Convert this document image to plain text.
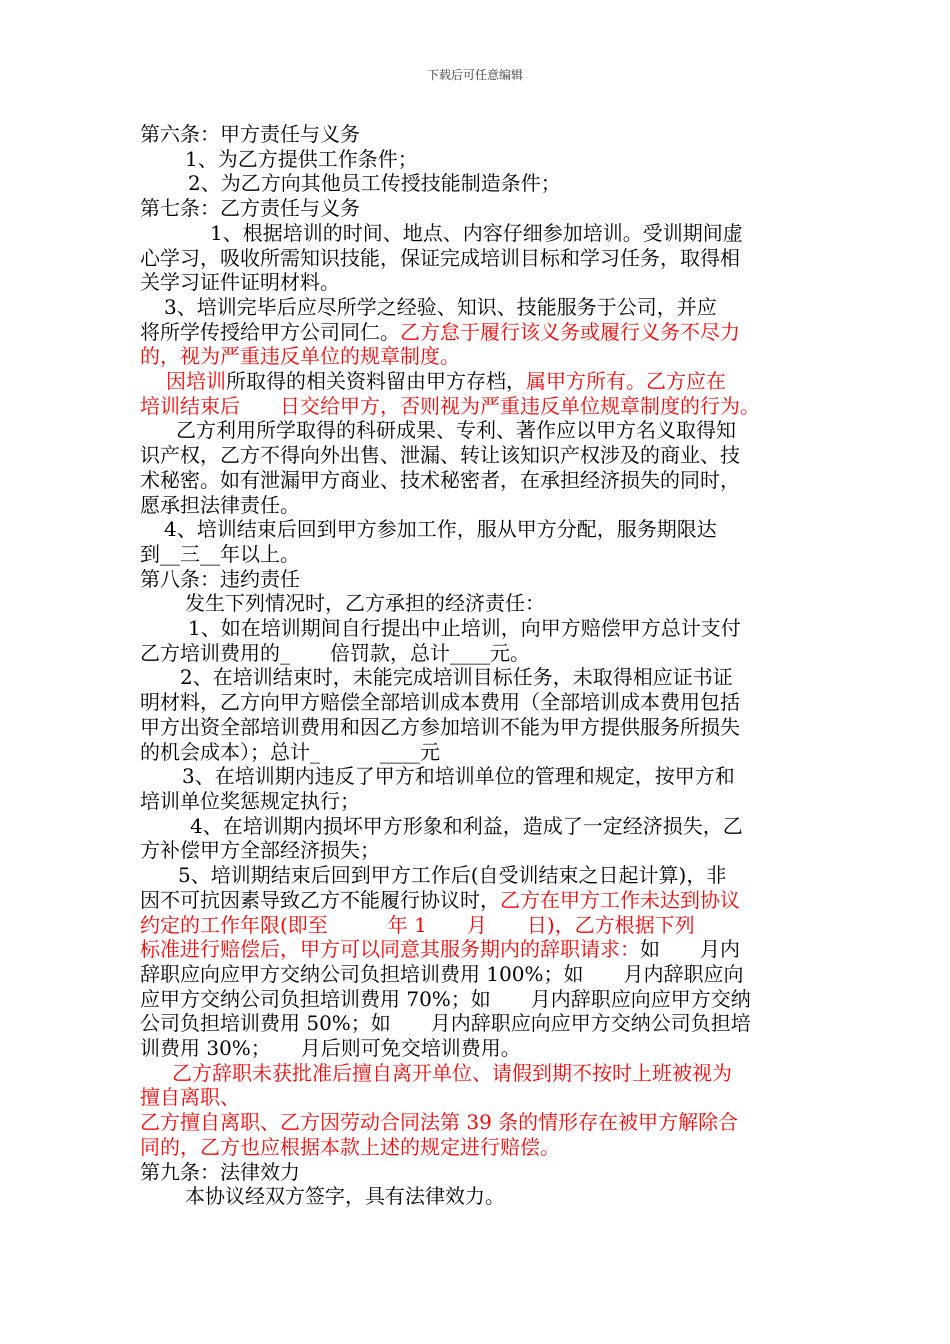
下载后可任意编辑

第六条：甲方责任与义务

1、为乙方提供工作条件；

2、为乙方向其他员工传授技能制造条件；

第七条：乙方责任与义务

1、根据培训的时间、地点、内容仔细参加培训。受训期间虚

心学习，吸收所需知识技能，保证完成培训目标和学习任务，取得相

关学习证件证明材料。

3、培训完毕后应尽所学之经验、知识、技能服务于公司，并应

将所学传授给甲方公司同仁。乙方怠于履行该义务或履行义务不尽力

的，视为严重违反单位的规章制度。

因培训所取得的相关资料留由甲方存档，属甲方所有。乙方应在

培训结束后　　日交给甲方，否则视为严重违反单位规章制度的行为。

乙方利用所学取得的科研成果、专利、著作应以甲方名义取得知

识产权，乙方不得向外出售、泄漏、转让该知识产权涉及的商业、技

术秘密。如有泄漏甲方商业、技术秘密者，在承担经济损失的同时，

愿承担法律责任。

4、培训结束后回到甲方参加工作，服从甲方分配，服务期限达

到__三__年以上。

第八条：违约责任

发生下列情况时，乙方承担的经济责任：

1、如在培训期间自行提出中止培训，向甲方赔偿甲方总计支付

乙方培训费用的_　　倍罚款，总计____元。

2、在培训结束时，未能完成培训目标任务，未取得相应证书证

明材料，乙方向甲方赔偿全部培训成本费用（全部培训成本费用包括

甲方出资全部培训费用和因乙方参加培训不能为甲方提供服务所损失

的机会成本）；总计_　　　____元

3、在培训期内违反了甲方和培训单位的管理和规定，按甲方和

培训单位奖惩规定执行；

4、在培训期内损坏甲方形象和利益，造成了一定经济损失，乙

方补偿甲方全部经济损失；

5、培训期结束后回到甲方工作后(自受训结束之日起计算)，非

因不可抗因素导致乙方不能履行协议时，乙方在甲方工作未达到协议

约定的工作年限(即至　　　年 1　　月　　日)，乙方根据下列

标准进行赔偿后，甲方可以同意其服务期内的辞职请求：如　　月内

辞职应向应甲方交纳公司负担培训费用 100%；如　　月内辞职应向

应甲方交纳公司负担培训费用 70%；如　　月内辞职应向应甲方交纳

公司负担培训费用 50%；如　　月内辞职应向应甲方交纳公司负担培

训费用 30%；　　月后则可免交培训费用。

乙方辞职未获批准后擅自离开单位、请假到期不按时上班被视为

擅自离职、

乙方擅自离职、乙方因劳动合同法第 39 条的情形存在被甲方解除合

同的，乙方也应根据本款上述的规定进行赔偿。

第九条：法律效力

本协议经双方签字，具有法律效力。
